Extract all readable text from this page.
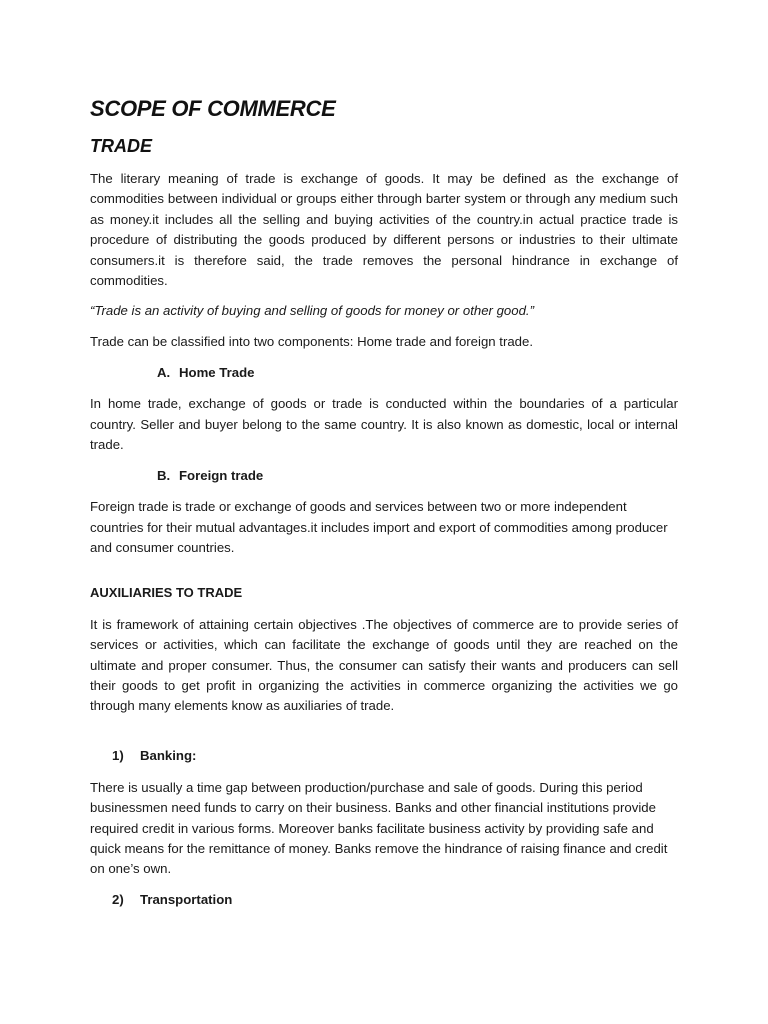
SCOPE OF COMMERCE
TRADE

The literary meaning of trade is exchange of goods. It may be defined as the exchange of commodities between individual or groups either through barter system or through any medium such as money.it includes all the selling and buying activities of the country.in actual practice trade is procedure of distributing the goods produced by different persons or industries to their ultimate consumers.it is therefore said, the trade removes the personal hindrance in exchange of commodities.

“Trade is an activity of buying and selling of goods for money or other good.”

Trade can be classified into two components: Home trade and foreign trade.

A. Home Trade

In home trade, exchange of goods or trade is conducted within the boundaries of a particular country. Seller and buyer belong to the same country. It is also known as domestic, local or internal trade.

B. Foreign trade

Foreign trade is trade or exchange of goods and services between two or more independent countries for their mutual advantages.it includes import and export of commodities among producer and consumer countries.

AUXILIARIES TO TRADE

It is framework of attaining certain objectives .The objectives of commerce are to provide series of services or activities, which can facilitate the exchange of goods until they are reached on the ultimate and proper consumer. Thus, the consumer can satisfy their wants and producers can sell their goods to get profit in organizing the activities in commerce organizing the activities we go through many elements know as auxiliaries of trade.

1)	Banking:

There is usually a time gap between production/purchase and sale of goods. During this period businessmen need funds to carry on their business. Banks and other financial institutions provide required credit in various forms. Moreover banks facilitate business activity by providing safe and quick means for the remittance of money. Banks remove the hindrance of raising finance and credit on one’s own.

2)	Transportation
